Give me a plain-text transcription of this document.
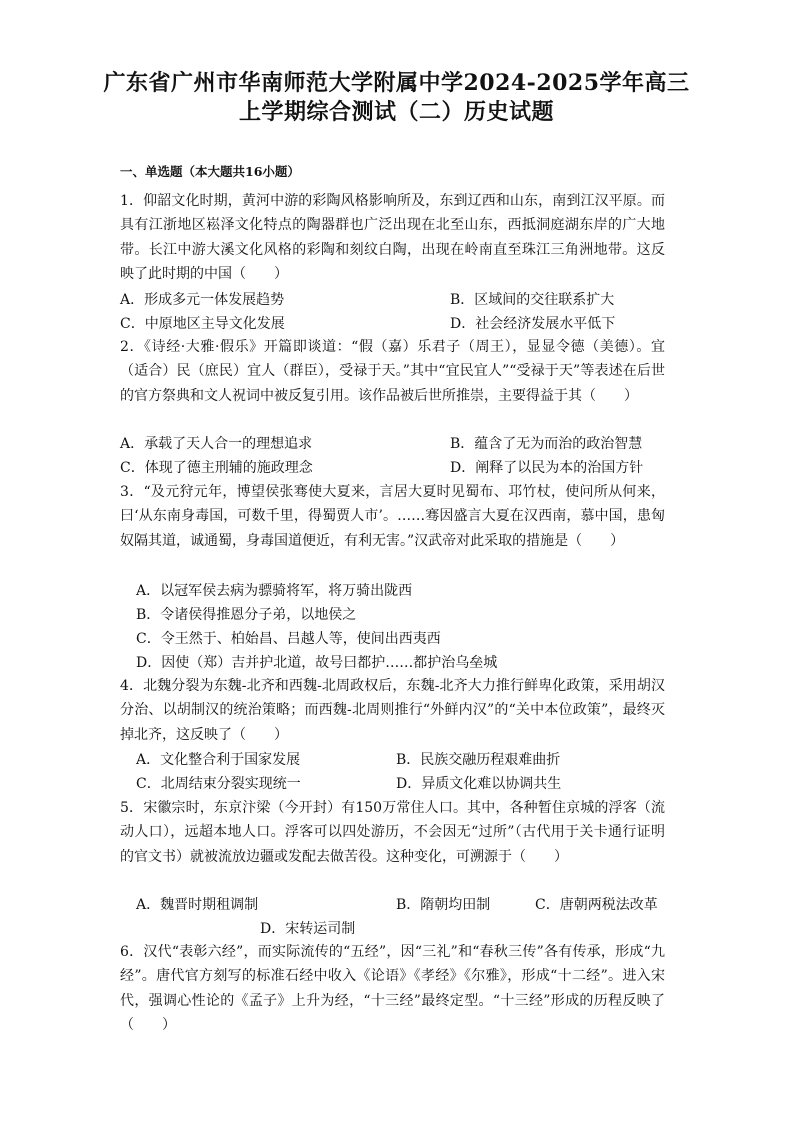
广东省广州市华南师范大学附属中学2024-2025学年高三
上学期综合测试（二）历史试题
一、单选题（本大题共16小题）
1．仰韶文化时期，黄河中游的彩陶风格影响所及，东到辽西和山东，南到江汉平原。而具有江浙地区崧泽文化特点的陶器群也广泛出现在北至山东，西抵洞庭湖东岸的广大地带。长江中游大溪文化风格的彩陶和刻纹白陶，出现在岭南直至珠江三角洲地带。这反映了此时期的中国（　　）
A．形成多元一体发展趋势	B．区域间的交往联系扩大
C．中原地区主导文化发展	D．社会经济发展水平低下
2．《诗经·大雅·假乐》开篇即谈道：“假（嘉）乐君子（周王），显显令德（美德）。宜（适合）民（庶民）宜人（群臣），受禄于天。”其中“宜民宜人”“受禄于天”等表述在后世的官方祭典和文人祝词中被反复引用。该作品被后世所推崇，主要得益于其（　　）
A．承载了天人合一的理想追求	B．蕴含了无为而治的政治智慧
C．体现了德主刑辅的施政理念	D．阐释了以民为本的治国方针
3．“及元狩元年，博望侯张骞使大夏来，言居大夏时见蜀布、邛竹杖，使问所从何来，曰‘从东南身毒国，可数千里，得蜀贾人市’。……骞因盛言大夏在汉西南，慕中国，患匈奴隔其道，诚通蜀，身毒国道便近，有利无害。”汉武帝对此采取的措施是（　　）
A．以冠军侯去病为骠骑将军，将万骑出陇西
B．令诸侯得推恩分子弟，以地侯之
C．令王然于、柏始昌、吕越人等，使间出西夷西
D．因使（郑）吉并护北道，故号曰都护……都护治乌垒城
4．北魏分裂为东魏-北齐和西魏-北周政权后，东魏-北齐大力推行鲜卑化政策，采用胡汉分治、以胡制汉的统治策略；而西魏-北周则推行“外鲜内汉”的“关中本位政策”，最终灭掉北齐，这反映了（　　）
A．文化整合利于国家发展	B．民族交融历程艰难曲折
C．北周结束分裂实现统一	D．异质文化难以协调共生
5．宋徽宗时，东京汴梁（今开封）有150万常住人口。其中，各种暂住京城的浮客（流动人口），远超本地人口。浮客可以四处游历，不会因无“过所”（古代用于关卡通行证明的官文书）就被流放边疆或发配去做苦役。这种变化，可溯源于（　　）
A．魏晋时期租调制	B．隋朝均田制	C．唐朝两税法改革
D．宋转运司制
6．汉代“表彰六经”，而实际流传的“五经”，因“三礼”和“春秋三传”各有传承，形成“九经”。唐代官方刻写的标准石经中收入《论语》《孝经》《尔雅》，形成“十二经”。进入宋代，强调心性论的《孟子》上升为经，“十三经”最终定型。“十三经”形成的历程反映了（　　）
